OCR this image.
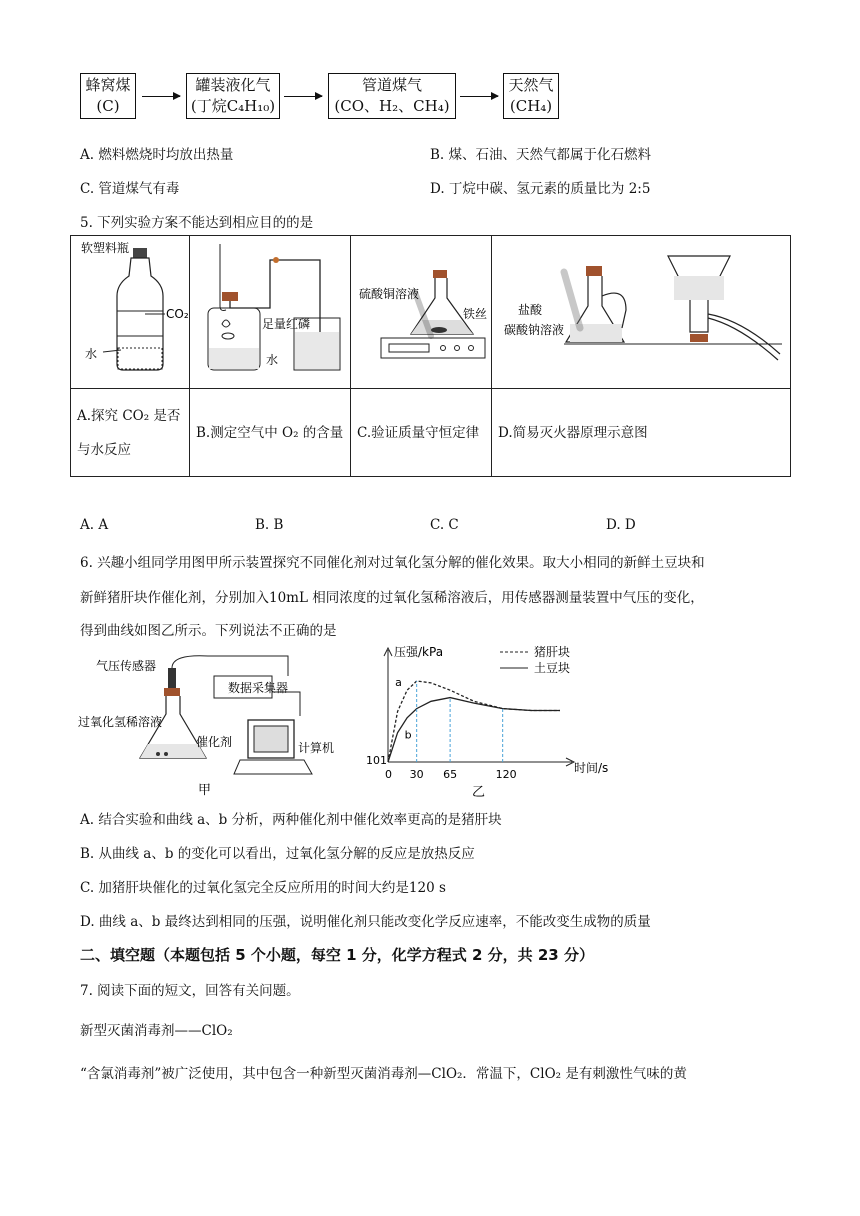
蜂窝煤
(C)
罐装液化气
(丁烷C₄H₁₀)
管道煤气
(CO、H₂、CH₄)
天然气
(CH₄)
A. 燃料燃烧时均放出热量	B. 煤、石油、天然气都属于化石燃料
C. 管道煤气有毒	D. 丁烷中碳、氢元素的质量比为 2:5
5. 下列实验方案不能达到相应目的的是
软塑料瓶
CO₂
水	足量红磷
水	硫酸铜溶液
铁丝	盐酸
碳酸钠溶液

A.探究 CO₂ 是否与水反应	B.测定空气中 O₂ 的含量	C.验证质量守恒定律	D.简易灭火器原理示意图
A. A	B. B	C. C	D. D
6. 兴趣小组同学用图甲所示装置探究不同催化剂对过氧化氢分解的催化效果。取大小相同的新鲜土豆块和
新鲜猪肝块作催化剂，分别加入10mL 相同浓度的过氧化氢稀溶液后，用传感器测量装置中气压的变化，
得到曲线如图乙所示。下列说法不正确的是
气压传感器
数据采集器
过氧化氢稀溶液
催化剂	计算机
甲
压强/kPa
时间/s
101
乙
0 30 65	120
a
b
猪肝块
土豆块
A. 结合实验和曲线 a、b 分析，两种催化剂中催化效率更高的是猪肝块
B. 从曲线 a、b 的变化可以看出，过氧化氢分解的反应是放热反应
C. 加猪肝块催化的过氧化氢完全反应所用的时间大约是120 s
D. 曲线 a、b 最终达到相同的压强，说明催化剂只能改变化学反应速率，不能改变生成物的质量
二、填空题（本题包括 5 个小题，每空 1 分，化学方程式 2 分，共 23 分）
7. 阅读下面的短文，回答有关问题。
新型灭菌消毒剂——ClO₂
“含氯消毒剂”被广泛使用，其中包含一种新型灭菌消毒剂—ClO₂．常温下，ClO₂ 是有刺激性气味的黄
